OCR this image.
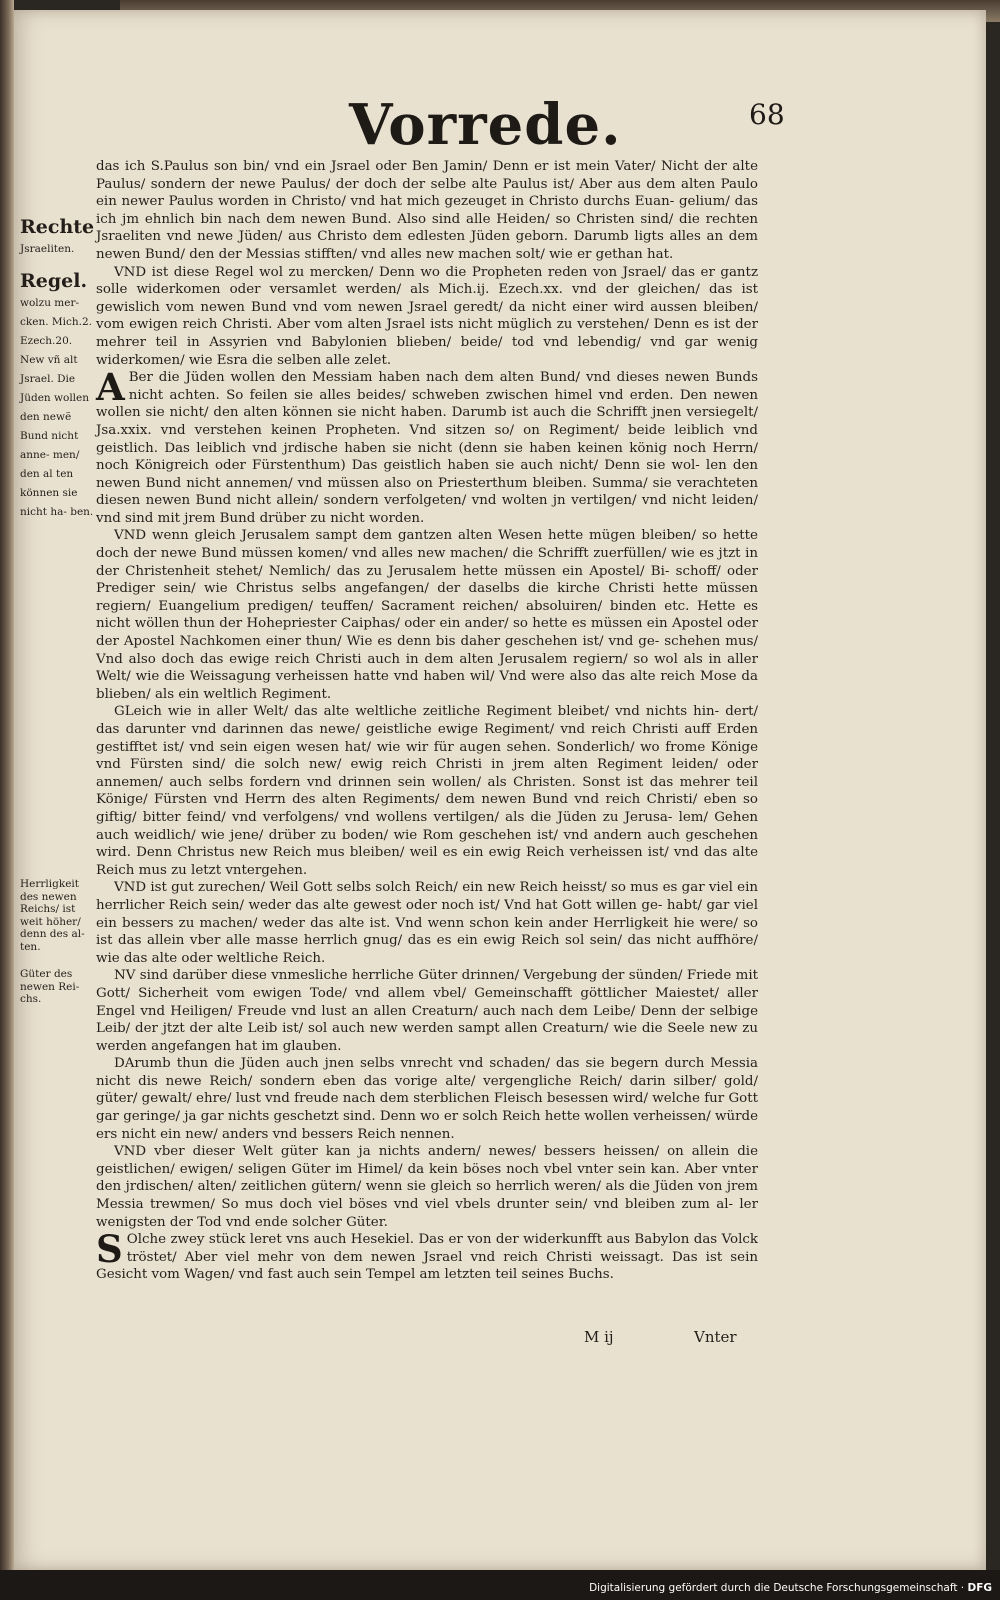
Vorrede.	68
Rechte
Jsraeliten.
Regel.
wolzu mer- cken. Mich.2. Ezech.20. New vñ alt Jsrael. Die Jüden wollen den newẽ Bund nicht anne- men/ den al ten können sie nicht ha- ben.
Herrligkeit des newen Reichs/ ist weit höher/ denn des al- ten.
Güter des newen Rei- chs.

das ich S.Paulus son bin/ vnd ein Jsrael oder Ben Jamin/ Denn er ist mein Vater/ Nicht der alte Paulus/ sondern der newe Paulus/ der doch der selbe alte Paulus ist/ Aber aus dem alten Paulo ein newer Paulus worden in Christo/ vnd hat mich gezeuget in Christo durchs Euan- gelium/ das ich jm ehnlich bin nach dem newen Bund. Also sind alle Heiden/ so Christen sind/ die rechten Jsraeliten vnd newe Jüden/ aus Christo dem edlesten Jüden geborn. Darumb ligts alles an dem newen Bund/ den der Messias stifften/ vnd alles new machen solt/ wie er gethan hat.

VND ist diese Regel wol zu mercken/ Denn wo die Propheten reden von Jsrael/ das er gantz solle widerkomen oder versamlet werden/ als Mich.ij. Ezech.xx. vnd der gleichen/ das ist gewislich vom newen Bund vnd vom newen Jsrael geredt/ da nicht einer wird aussen bleiben/ vom ewigen reich Christi. Aber vom alten Jsrael ists nicht müglich zu verstehen/ Denn es ist der mehrer teil in Assyrien vnd Babylonien blieben/ beide/ tod vnd lebendig/ vnd gar wenig widerkomen/ wie Esra die selben alle zelet.

A Ber die Jüden wollen den Messiam haben nach dem alten Bund/ vnd dieses newen Bunds nicht achten. So feilen sie alles beides/ schweben zwischen himel vnd erden. Den newen wollen sie nicht/ den alten können sie nicht haben. Darumb ist auch die Schrifft jnen versiegelt/ Jsa.xxix. vnd verstehen keinen Propheten. Vnd sitzen so/ on Regiment/ beide leiblich vnd geistlich. Das leiblich vnd jrdische haben sie nicht (denn sie haben keinen könig noch Herrn/ noch Königreich oder Fürstenthum) Das geistlich haben sie auch nicht/ Denn sie wol- len den newen Bund nicht annemen/ vnd müssen also on Priesterthum bleiben. Summa/ sie verachteten diesen newen Bund nicht allein/ sondern verfolgeten/ vnd wolten jn vertilgen/ vnd nicht leiden/ vnd sind mit jrem Bund drüber zu nicht worden.

VND wenn gleich Jerusalem sampt dem gantzen alten Wesen hette mügen bleiben/ so hette doch der newe Bund müssen komen/ vnd alles new machen/ die Schrifft zuerfüllen/ wie es jtzt in der Christenheit stehet/ Nemlich/ das zu Jerusalem hette müssen ein Apostel/ Bi- schoff/ oder Prediger sein/ wie Christus selbs angefangen/ der daselbs die kirche Christi hette müssen regiern/ Euangelium predigen/ teuffen/ Sacrament reichen/ absoluiren/ binden etc. Hette es nicht wöllen thun der Hohepriester Caiphas/ oder ein ander/ so hette es müssen ein Apostel oder der Apostel Nachkomen einer thun/ Wie es denn bis daher geschehen ist/ vnd ge- schehen mus/ Vnd also doch das ewige reich Christi auch in dem alten Jerusalem regiern/ so wol als in aller Welt/ wie die Weissagung verheissen hatte vnd haben wil/ Vnd were also das alte reich Mose da blieben/ als ein weltlich Regiment.

GLeich wie in aller Welt/ das alte weltliche zeitliche Regiment bleibet/ vnd nichts hin- dert/ das darunter vnd darinnen das newe/ geistliche ewige Regiment/ vnd reich Christi auff Erden gestifftet ist/ vnd sein eigen wesen hat/ wie wir für augen sehen. Sonderlich/ wo frome Könige vnd Fürsten sind/ die solch new/ ewig reich Christi in jrem alten Regiment leiden/ oder annemen/ auch selbs fordern vnd drinnen sein wollen/ als Christen. Sonst ist das mehrer teil Könige/ Fürsten vnd Herrn des alten Regiments/ dem newen Bund vnd reich Christi/ eben so giftig/ bitter feind/ vnd verfolgens/ vnd wollens vertilgen/ als die Jüden zu Jerusa- lem/ Gehen auch weidlich/ wie jene/ drüber zu boden/ wie Rom geschehen ist/ vnd andern auch geschehen wird. Denn Christus new Reich mus bleiben/ weil es ein ewig Reich verheissen ist/ vnd das alte Reich mus zu letzt vntergehen.

VND ist gut zurechen/ Weil Gott selbs solch Reich/ ein new Reich heisst/ so mus es gar viel ein herrlicher Reich sein/ weder das alte gewest oder noch ist/ Vnd hat Gott willen ge- habt/ gar viel ein bessers zu machen/ weder das alte ist. Vnd wenn schon kein ander Herrligkeit hie were/ so ist das allein vber alle masse herrlich gnug/ das es ein ewig Reich sol sein/ das nicht auffhöre/ wie das alte oder weltliche Reich.

NV sind darüber diese vnmesliche herrliche Güter drinnen/ Vergebung der sünden/ Friede mit Gott/ Sicherheit vom ewigen Tode/ vnd allem vbel/ Gemeinschafft göttlicher Maiestet/ aller Engel vnd Heiligen/ Freude vnd lust an allen Creaturn/ auch nach dem Leibe/ Denn der selbige Leib/ der jtzt der alte Leib ist/ sol auch new werden sampt allen Creaturn/ wie die Seele new zu werden angefangen hat im glauben.

DArumb thun die Jüden auch jnen selbs vnrecht vnd schaden/ das sie begern durch Messia nicht dis newe Reich/ sondern eben das vorige alte/ vergengliche Reich/ darin silber/ gold/ güter/ gewalt/ ehre/ lust vnd freude nach dem sterblichen Fleisch besessen wird/ welche fur Gott gar geringe/ ja gar nichts geschetzt sind. Denn wo er solch Reich hette wollen verheissen/ würde ers nicht ein new/ anders vnd bessers Reich nennen.

VND vber dieser Welt güter kan ja nichts andern/ newes/ bessers heissen/ on allein die geistlichen/ ewigen/ seligen Güter im Himel/ da kein böses noch vbel vnter sein kan. Aber vnter den jrdischen/ alten/ zeitlichen gütern/ wenn sie gleich so herrlich weren/ als die Jüden von jrem Messia trewmen/ So mus doch viel böses vnd viel vbels drunter sein/ vnd bleiben zum al- ler wenigsten der Tod vnd ende solcher Güter.

S Olche zwey stück leret vns auch Hesekiel. Das er von der widerkunfft aus Babylon das Volck tröstet/ Aber viel mehr von dem newen Jsrael vnd reich Christi weissagt. Das ist sein Gesicht vom Wagen/ vnd fast auch sein Tempel am letzten teil seines Buchs.

M ij	Vnter
Digitalisierung gefördert durch die Deutsche Forschungsgemeinschaft · DFG
